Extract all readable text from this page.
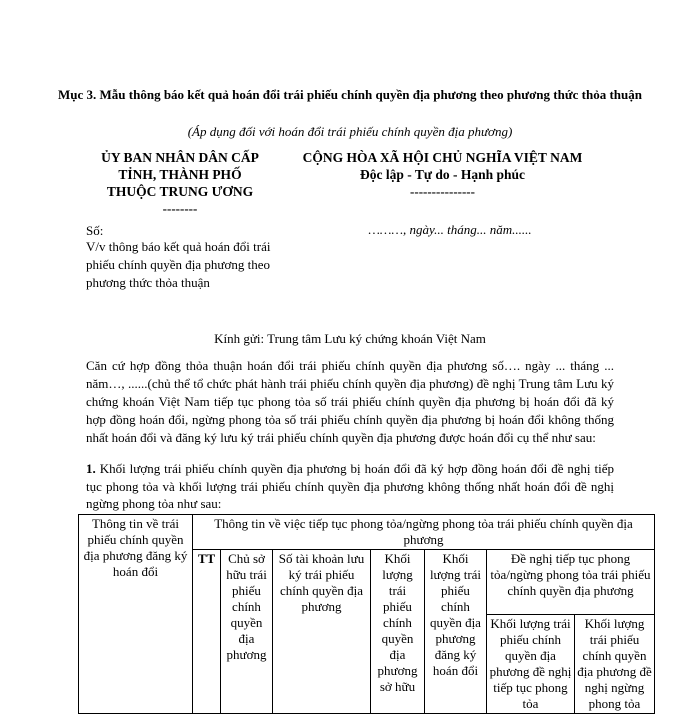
Mục 3. Mẫu thông báo kết quả hoán đổi trái phiếu chính quyền địa phương theo phương thức thỏa thuận
(Áp dụng đối với hoán đổi trái phiếu chính quyền địa phương)
ỦY BAN NHÂN DÂN CẤP
TỈNH, THÀNH PHỐ
THUỘC TRUNG ƯƠNG
--------
CỘNG HÒA XÃ HỘI CHỦ NGHĨA VIỆT NAM
Độc lập - Tự do - Hạnh phúc
---------------
Số:	………, ngày... tháng... năm......
V/v thông báo kết quả hoán đổi trái phiếu chính quyền địa phương theo phương thức thỏa thuận
Kính gửi: Trung tâm Lưu ký chứng khoán Việt Nam
Căn cứ hợp đồng thỏa thuận hoán đổi trái phiếu chính quyền địa phương số…. ngày ... tháng ... năm…, ......(chủ thể tổ chức phát hành trái phiếu chính quyền địa phương) đề nghị Trung tâm Lưu ký chứng khoán Việt Nam tiếp tục phong tỏa số trái phiếu chính quyền địa phương bị hoán đổi đã ký hợp đồng hoán đổi, ngừng phong tỏa số trái phiếu chính quyền địa phương bị hoán đổi không thống nhất hoán đổi và đăng ký lưu ký trái phiếu chính quyền địa phương được hoán đổi cụ thể như sau:
1. Khối lượng trái phiếu chính quyền địa phương bị hoán đổi đã ký hợp đồng hoán đổi đề nghị tiếp tục phong tỏa và khối lượng trái phiếu chính quyền địa phương không thống nhất hoán đổi đề nghị ngừng phong tỏa như sau:
Thông tin về trái phiếu chính quyền địa phương đăng ký hoán đổi	Thông tin về việc tiếp tục phong tỏa/ngừng phong tỏa trái phiếu chính quyền địa phương						
	TT	Chủ sở hữu trái phiếu chính quyền địa phương	Số tài khoản lưu ký trái phiếu chính quyền địa phương	Khối lượng trái phiếu chính quyền địa phương sở hữu	Khối lượng trái phiếu chính quyền địa phương đăng ký hoán đổi	Đề nghị tiếp tục phong tỏa/ngừng phong tỏa trái phiếu chính quyền địa phương	
						Khối lượng trái phiếu chính quyền địa phương đề nghị tiếp tục phong tỏa	Khối lượng trái phiếu chính quyền địa phương đề nghị ngừng phong tỏa
